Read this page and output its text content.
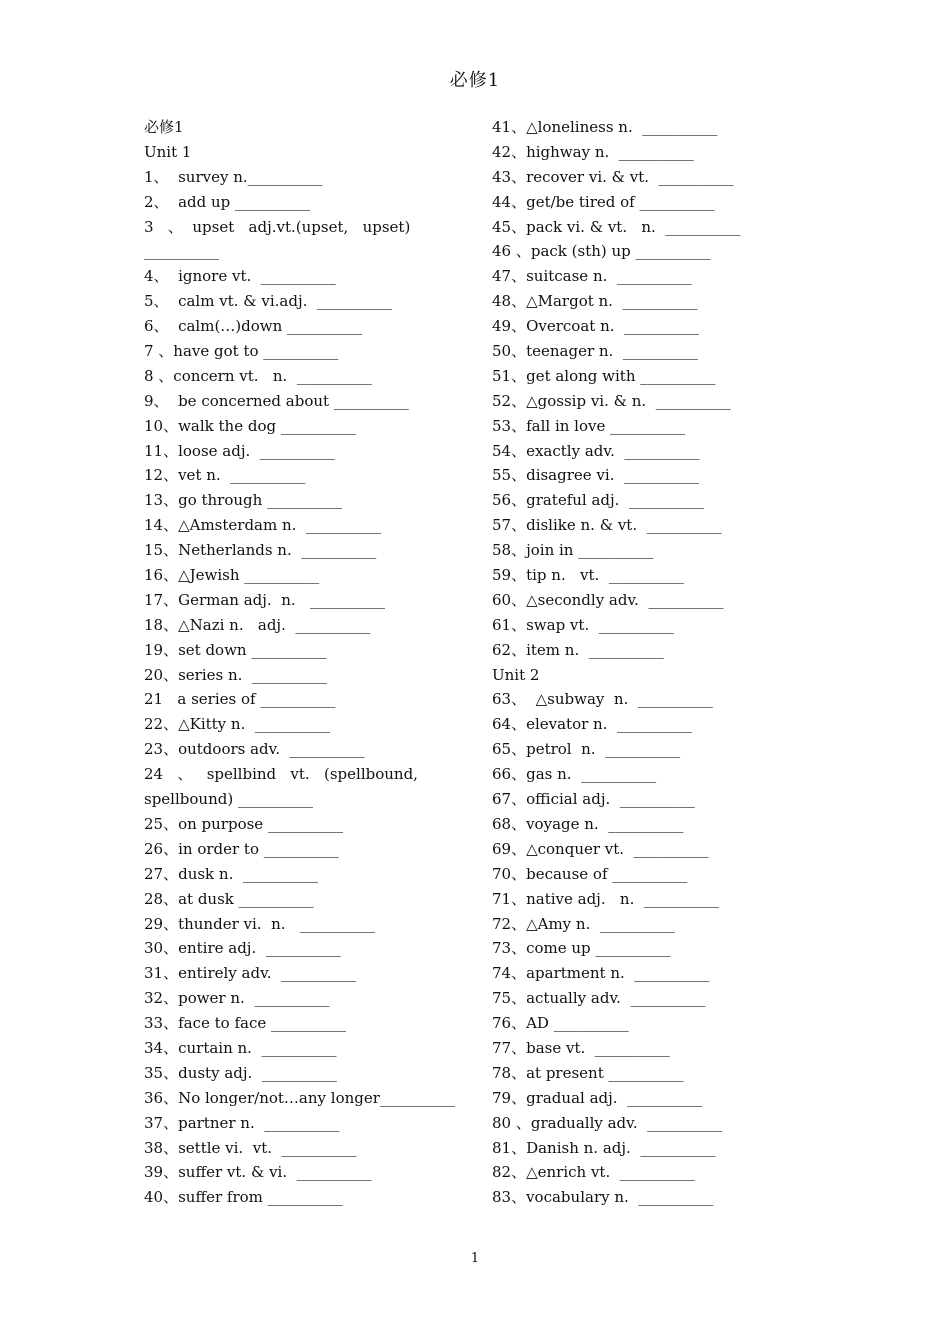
必修1
必修1
Unit 1
1、  survey n.__________
2、  add up __________
3   、  upset   adj.vt.(upset,   upset)
__________
4、  ignore vt.  __________
5、  calm vt. & vi.adj.  __________
6、  calm(…)down __________
7 、have got to __________
8 、concern vt.   n.  __________
9、  be concerned about __________
10、walk the dog __________
11、loose adj.  __________
12、vet n.  __________
13、go through __________
14、△Amsterdam n.  __________
15、Netherlands n.  __________
16、△Jewish __________
17、German adj.  n.   __________
18、△Nazi n.   adj.  __________
19、set down __________
20、series n.  __________
21   a series of __________
22、△Kitty n.  __________
23、outdoors adv.  __________
24   、   spellbind   vt.   (spellbound,
spellbound) __________
25、on purpose __________
26、in order to __________
27、dusk n.  __________
28、at dusk __________
29、thunder vi.  n.   __________
30、entire adj.  __________
31、entirely adv.  __________
32、power n.  __________
33、face to face __________
34、curtain n.  __________
35、dusty adj.  __________
36、No longer/not…any longer__________
37、partner n.  __________
38、settle vi.  vt.  __________
39、suffer vt. & vi.  __________
40、suffer from __________
41、△loneliness n.  __________
42、highway n.  __________
43、recover vi. & vt.  __________
44、get/be tired of __________
45、pack vi. & vt.   n.  __________
46 、pack (sth) up __________
47、suitcase n.  __________
48、△Margot n.  __________
49、Overcoat n.  __________
50、teenager n.  __________
51、get along with __________
52、△gossip vi. & n.  __________
53、fall in love __________
54、exactly adv.  __________
55、disagree vi.  __________
56、grateful adj.  __________
57、dislike n. & vt.  __________
58、join in __________
59、tip n.   vt.  __________
60、△secondly adv.  __________
61、swap vt.  __________
62、item n.  __________
Unit 2
63、  △subway  n.  __________
64、elevator n.  __________
65、petrol  n.  __________
66、gas n.  __________
67、official adj.  __________
68、voyage n.  __________
69、△conquer vt.  __________
70、because of __________
71、native adj.   n.  __________
72、△Amy n.  __________
73、come up __________
74、apartment n.  __________
75、actually adv.  __________
76、AD __________
77、base vt.  __________
78、at present __________
79、gradual adj.  __________
80 、gradually adv.  __________
81、Danish n. adj.  __________
82、△enrich vt.  __________
83、vocabulary n.  __________
1
